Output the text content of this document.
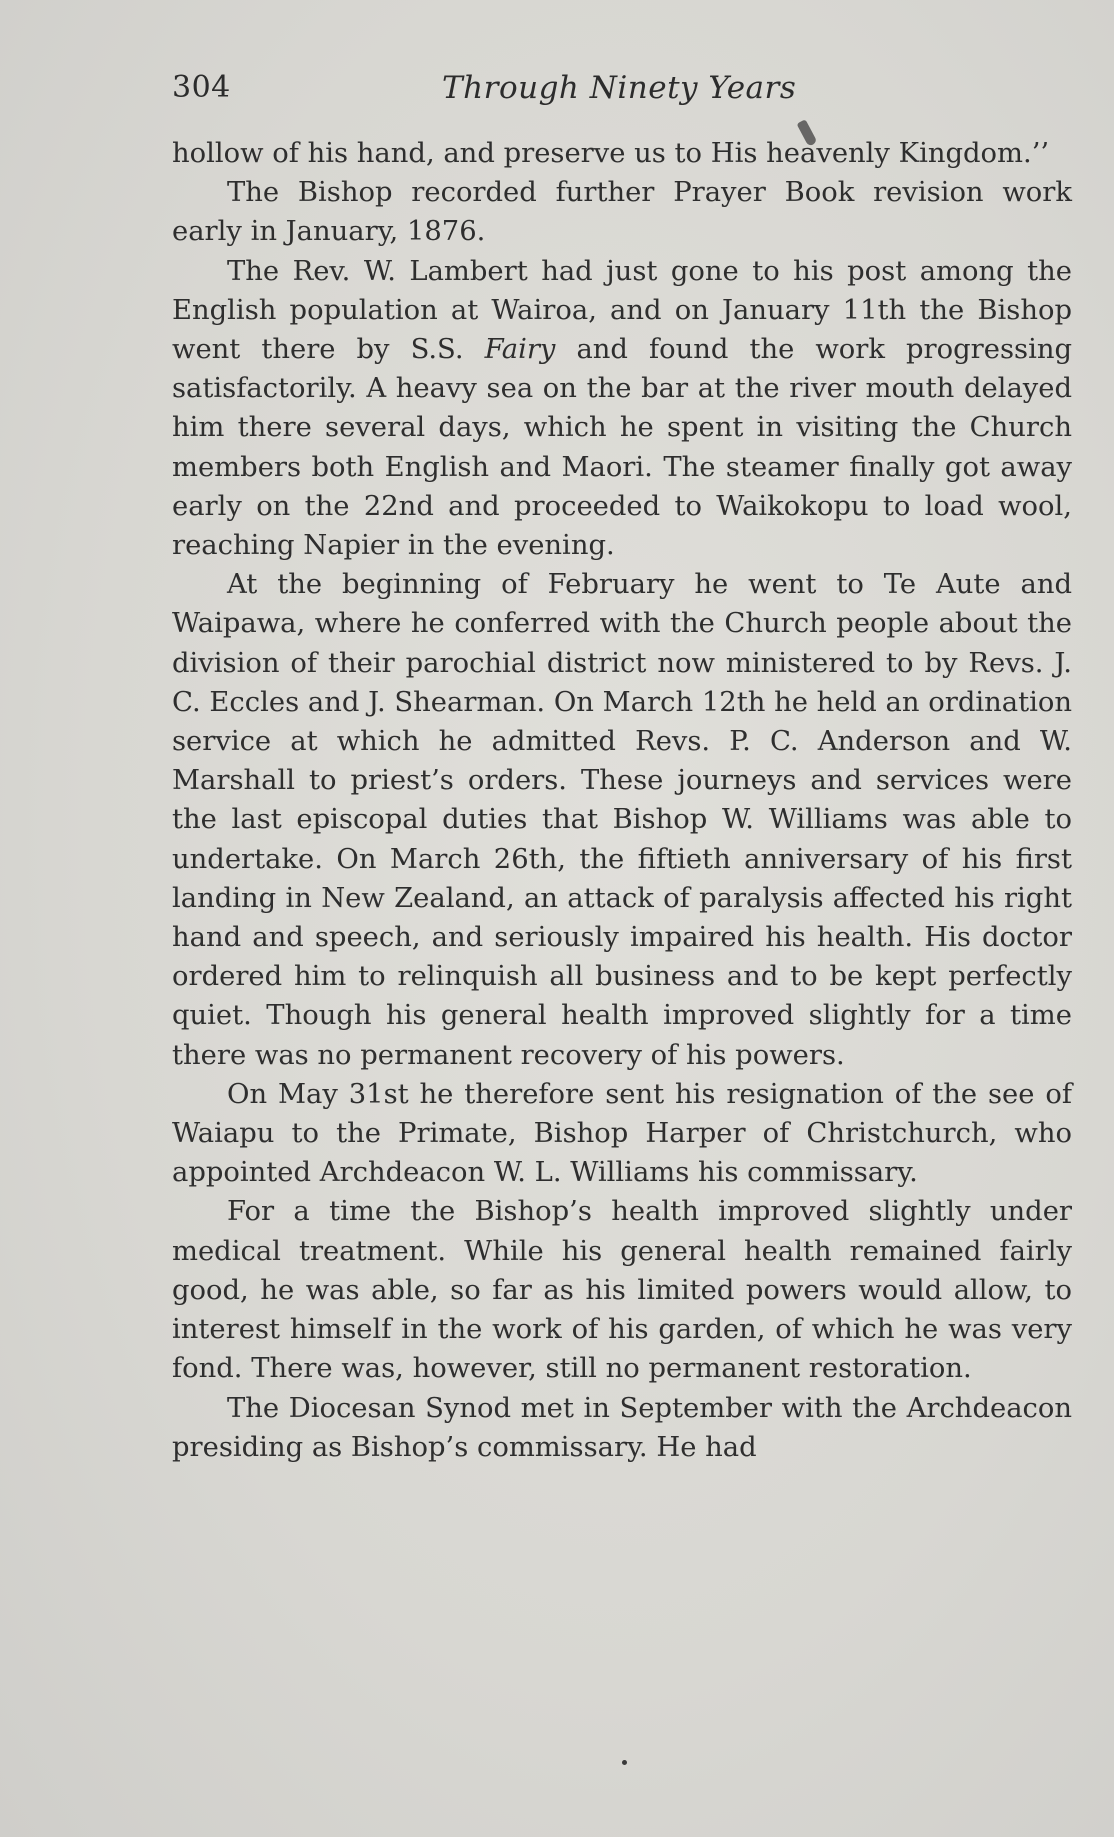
304	Through Ninety Years

hollow of his hand, and preserve us to His heavenly Kingdom.’’

The Bishop recorded further Prayer Book revision work early in January, 1876.

The Rev. W. Lambert had just gone to his post among the English population at Wairoa, and on January 11th the Bishop went there by S.S. Fairy and found the work progressing satisfactorily. A heavy sea on the bar at the river mouth delayed him there several days, which he spent in visiting the Church members both English and Maori. The steamer finally got away early on the 22nd and proceeded to Waikokopu to load wool, reaching Napier in the evening.

At the beginning of February he went to Te Aute and Waipawa, where he conferred with the Church people about the division of their parochial district now ministered to by Revs. J. C. Eccles and J. Shearman. On March 12th he held an ordination service at which he admitted Revs. P. C. Anderson and W. Marshall to priest’s orders. These journeys and services were the last episcopal duties that Bishop W. Williams was able to undertake. On March 26th, the fiftieth anniversary of his first landing in New Zealand, an attack of paralysis affected his right hand and speech, and seriously impaired his health. His doctor ordered him to relinquish all business and to be kept perfectly quiet. Though his general health improved slightly for a time there was no permanent recovery of his powers.

On May 31st he therefore sent his resignation of the see of Waiapu to the Primate, Bishop Harper of Christchurch, who appointed Archdeacon W. L. Williams his commissary.

For a time the Bishop’s health improved slightly under medical treatment. While his general health remained fairly good, he was able, so far as his limited powers would allow, to interest himself in the work of his garden, of which he was very fond. There was, however, still no permanent restoration.

The Diocesan Synod met in September with the Archdeacon presiding as Bishop’s commissary. He had
